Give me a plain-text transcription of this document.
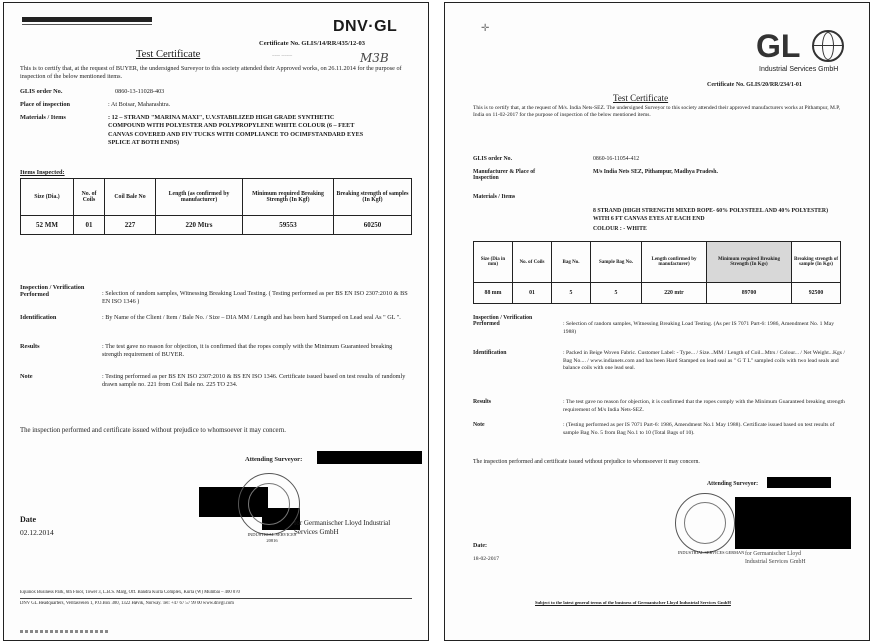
DNV·GL
Certificate No. GLIS/14/RR/435/12-03
Test Certificate	~~~ ~~~~	M3B
This is to certify that, at the request of BUYER, the undersigned Surveyor to this society attended their Approved works, on 26.11.2014 for the purpose of inspection of the below mentioned items.
GLIS order No.	0860-13-11028-403
Place of inspection	: At Boisar, Maharashtra.
Materials / Items	: 12 – STRAND "MARINA MAXI", U.V.STABILIZED HIGH GRADE SYNTHETIC COMPOUND WITH POLYESTER AND POLYPROPYLENE WHITE COLOUR (6 – FEET CANVAS COVERED AND FIV TUCKS WITH COMPLIANCE TO OCIMFSTANDARD EYES SPLICE AT BOTH ENDS)
Items Inspected:
Size (Dia.)	No. of Coils	Coil Bale No	Length (as confirmed by manufacturer)	Minimum required Breaking Strength (In Kgf)	Breaking strength of samples (In Kgf)
52 MM	01	227	220 Mtrs	59553	60250
Inspection / Verification Performed	: Selection of random samples, Witnessing Breaking Load Testing. ( Testing performed as per BS EN ISO 2307:2010 & BS EN ISO 1346 )
Identification	: By Name of the Client / Item / Bale No. / Size – DIA MM / Length and has been hard Stamped on Lead seal As " GL ".
Results	: The test gave no reason for objection, it is confirmed that the ropes comply with the Minimum Guaranteed breaking strength requirement of BUYER.
Note	: Testing performed as per BS EN ISO 2307:2010 & BS EN ISO 1346. Certificate issued based on test results of randomly drawn sample no. 221 from Coil Bale no. 225 TO 234.
The inspection performed and certificate issued without prejudice to whomsoever it may concern.
Attending Surveyor:
INDUSTRIAL SERVICES 20816
for Germanischer Lloyd Industrial Services GmbH
Date
02.12.2014
Equinox Business Park, 6th Floor, Tower 3, L.B.S. Marg, Off. Bandra Kurla Complex, Kurla (W) Mumbai – 400 070
DNV GL Headquarters, Veritasveien 1, P.O.Box 300, 1322 Høvik, Norway. Tel: +47 67 57 99 00 www.dnvgl.com
✛	GL
Industrial Services GmbH
Certificate No. GLIS/20/RR/234/1-01
Test Certificate
This is to certify that, at the request of M/s. India Nets-SEZ. The undersigned Surveyor to this society attended their approved manufacturers works at Pithampur, M.P, India on 11-02-2017 for the purpose of inspection of the below mentioned items.
GLIS order No.	0860-16-11054-412
Manufacturer & Place of Inspection
M/s India Nets SEZ, Pithampur, Madhya Pradesh.
Materials / Items
8 STRAND (HIGH STRENGTH MIXED ROPE- 60% POLYSTEEL AND 40% POLYESTER) WITH 6 FT CANVAS EYES AT EACH END
COLOUR : - WHITE
Size (Dia in mm)	No. of Coils	Bag No.	Sample Bag No.	Length confirmed by manufacturer)	Minimum required Breaking Strength (In Kgs)	Breaking strength of sample (In Kgs)
88 mm	01	5	5	220 mtr	89700	92500
Inspection / Verification Performed	: Selection of random samples, Witnessing Breaking Load Testing. (As per IS 7071 Part-6: 1986, Amendment No. 1 May 1988)
Identification	: Packed in Beige Woven Fabric. Customer Label: - Type... / Size...MM / Length of Coil...Mtrs / Colour... / Net Weight...Kgs / Bag No.... / www.indianets.com and has been Hard Stamped on lead seal as " G T L" sampled coils with two lead seals and balance coils with one lead seal.
Results	: The test gave no reason for objection, it is confirmed that the ropes comply with the Minimum Guaranteed breaking strength requirement of M/s India Nets-SEZ.
Note	: (Testing performed as per IS 7071 Part-6: 1986, Amendment No.1 May 1988). Certificate issued based on test results of sample Bag No. 5 from Bag No.1 to 10 (Total Bags of 10).
The inspection performed and certificate issued without prejudice to whomsoever it may concern.
Attending Surveyor:
INDUSTRIAL SERVICES GERMAN for Germanischer Lloyd Industrial Services GmbH
Date:
18-02-2017
Subject to the latest general terms of the business of Germanischer Lloyd Industrial Services GmbH
